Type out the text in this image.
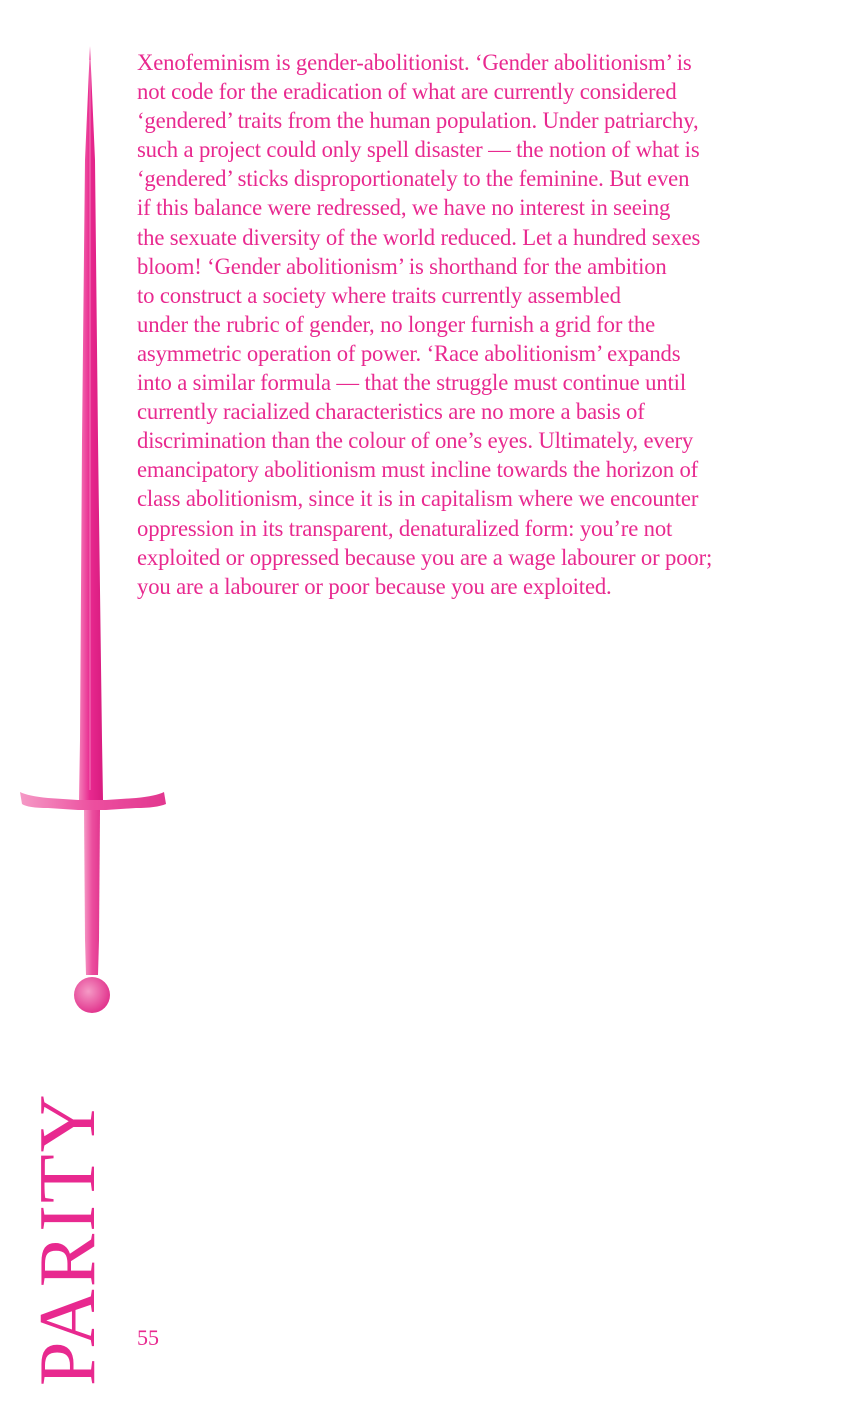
Xenofeminism is gender-abolitionist. ‘Gender abolitionism’ is
not code for the eradication of what are currently considered
‘gendered’ traits from the human population. Under patriarchy,
such a project could only spell disaster — the notion of what is
‘gendered’ sticks disproportionately to the feminine. But even
if this balance were redressed, we have no interest in seeing
the sexuate diversity of the world reduced. Let a hundred sexes
bloom! ‘Gender abolitionism’ is shorthand for the ambition
to construct a society where traits currently assembled
under the rubric of gender, no longer furnish a grid for the
asymmetric operation of power. ‘Race abolitionism’ expands
into a similar formula — that the struggle must continue until
currently racialized characteristics are no more a basis of
discrimination than the colour of one’s eyes. Ultimately, every
emancipatory abolitionism must incline towards the horizon of
class abolitionism, since it is in capitalism where we encounter
oppression in its transparent, denaturalized form: you’re not
exploited or oppressed because you are a wage labourer or poor;
you are a labourer or poor because you are exploited.

PARITY 55
